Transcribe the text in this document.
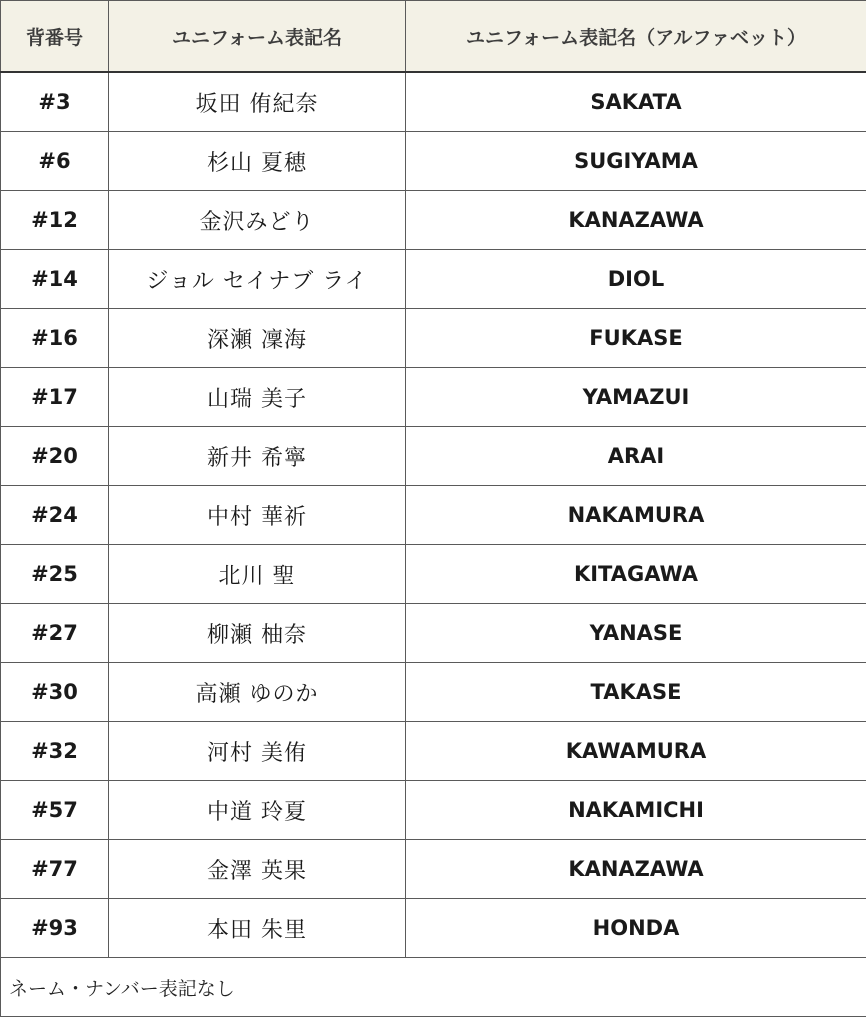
背番号	ユニフォーム表記名	ユニフォーム表記名（アルファベット）
#3	坂田 侑紀奈	SAKATA
#6	杉山 夏穂	SUGIYAMA
#12	金沢みどり	KANAZAWA
#14	ジョル セイナブ ライ	DIOL
#16	深瀬 凜海	FUKASE
#17	山瑞 美子	YAMAZUI
#20	新井 希寧	ARAI
#24	中村 華祈	NAKAMURA
#25	北川 聖	KITAGAWA
#27	柳瀬 柚奈	YANASE
#30	高瀬 ゆのか	TAKASE
#32	河村 美侑	KAWAMURA
#57	中道 玲夏	NAKAMICHI
#77	金澤 英果	KANAZAWA
#93	本田 朱里	HONDA
ネーム・ナンバー表記なし		
